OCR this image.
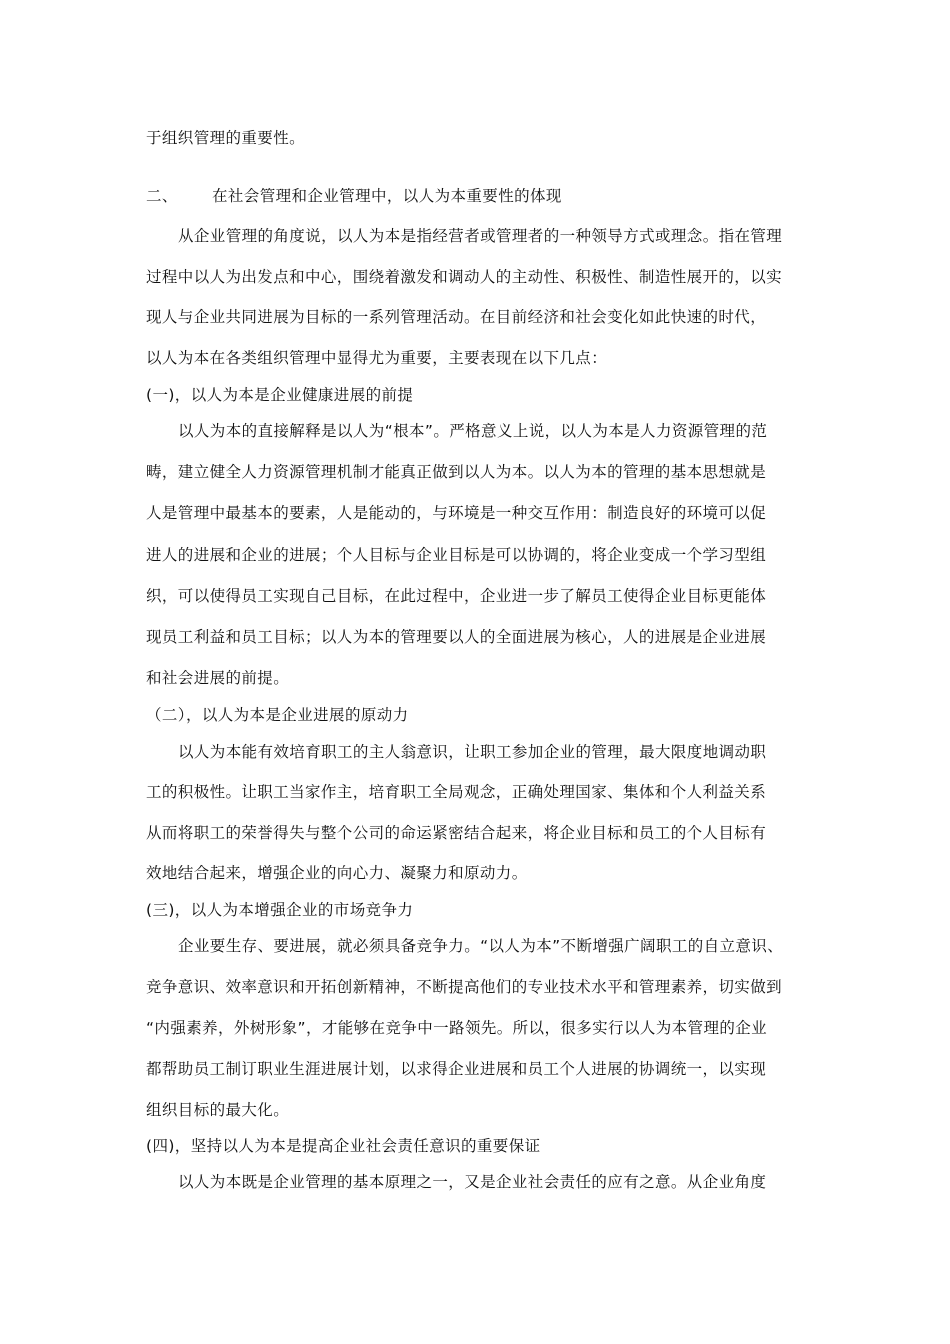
于组织管理的重要性。
二、 在社会管理和企业管理中，以人为本重要性的体现
从企业管理的角度说，以人为本是指经营者或管理者的一种领导方式或理念。指在管理
过程中以人为出发点和中心，围绕着激发和调动人的主动性、积极性、制造性展开的，以实
现人与企业共同进展为目标的一系列管理活动。在目前经济和社会变化如此快速的时代，
以人为本在各类组织管理中显得尤为重要，主要表现在以下几点：
(一)，以人为本是企业健康进展的前提
以人为本的直接解释是以人为“根本”。严格意义上说，以人为本是人力资源管理的范
畴，建立健全人力资源管理机制才能真正做到以人为本。以人为本的管理的基本思想就是
人是管理中最基本的要素，人是能动的，与环境是一种交互作用：制造良好的环境可以促
进人的进展和企业的进展；个人目标与企业目标是可以协调的，将企业变成一个学习型组
织，可以使得员工实现自己目标，在此过程中，企业进一步了解员工使得企业目标更能体
现员工利益和员工目标；以人为本的管理要以人的全面进展为核心，人的进展是企业进展
和社会进展的前提。
（二），以人为本是企业进展的原动力
以人为本能有效培育职工的主人翁意识，让职工参加企业的管理，最大限度地调动职
工的积极性。让职工当家作主，培育职工全局观念，正确处理国家、集体和个人利益关系
从而将职工的荣誉得失与整个公司的命运紧密结合起来，将企业目标和员工的个人目标有
效地结合起来，增强企业的向心力、凝聚力和原动力。
(三)，以人为本增强企业的市场竞争力
企业要生存、要进展，就必须具备竞争力。“以人为本”不断增强广阔职工的自立意识、
竞争意识、效率意识和开拓创新精神，不断提高他们的专业技术水平和管理素养，切实做到
“内强素养，外树形象”，才能够在竞争中一路领先。所以，很多实行以人为本管理的企业
都帮助员工制订职业生涯进展计划，以求得企业进展和员工个人进展的协调统一，以实现
组织目标的最大化。
(四)，坚持以人为本是提高企业社会责任意识的重要保证
以人为本既是企业管理的基本原理之一，又是企业社会责任的应有之意。从企业角度
